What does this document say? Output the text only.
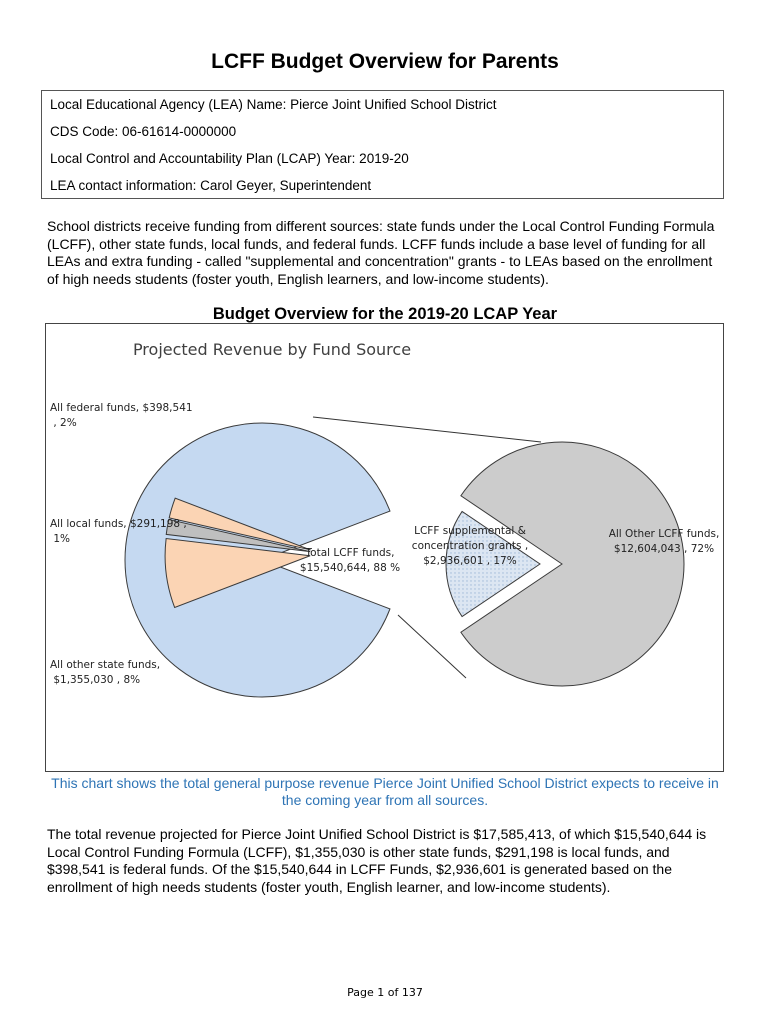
LCFF Budget Overview for Parents
Local Educational Agency (LEA) Name: Pierce Joint Unified School District
CDS Code: 06-61614-0000000
Local Control and Accountability Plan (LCAP) Year: 2019-20
LEA contact information: Carol Geyer, Superintendent
School districts receive funding from different sources: state funds under the Local Control Funding Formula (LCFF), other state funds, local funds, and federal funds. LCFF funds include a base level of funding for all LEAs and extra funding - called "supplemental and concentration" grants - to LEAs based on the enrollment of high needs students (foster youth, English learners, and low-income students).
Budget Overview for the 2019-20 LCAP Year
Projected Revenue by Fund Source
All federal funds, $398,541 , 2%
All local funds, $291,198 , 1%
All other state funds, $1,355,030 , 8%
Total LCFF funds, $15,540,644, 88 %
LCFF supplemental & concentration grants , $2,936,601 , 17%
All Other LCFF funds, $12,604,043 , 72%
This chart shows the total general purpose revenue Pierce Joint Unified School District expects to receive in the coming year from all sources.
The total revenue projected for Pierce Joint Unified School District is $17,585,413, of which $15,540,644 is Local Control Funding Formula (LCFF), $1,355,030 is other state funds, $291,198 is local funds, and $398,541 is federal funds. Of the $15,540,644 in LCFF Funds, $2,936,601 is generated based on the enrollment of high needs students (foster youth, English learner, and low-income students).
Page 1 of 137
